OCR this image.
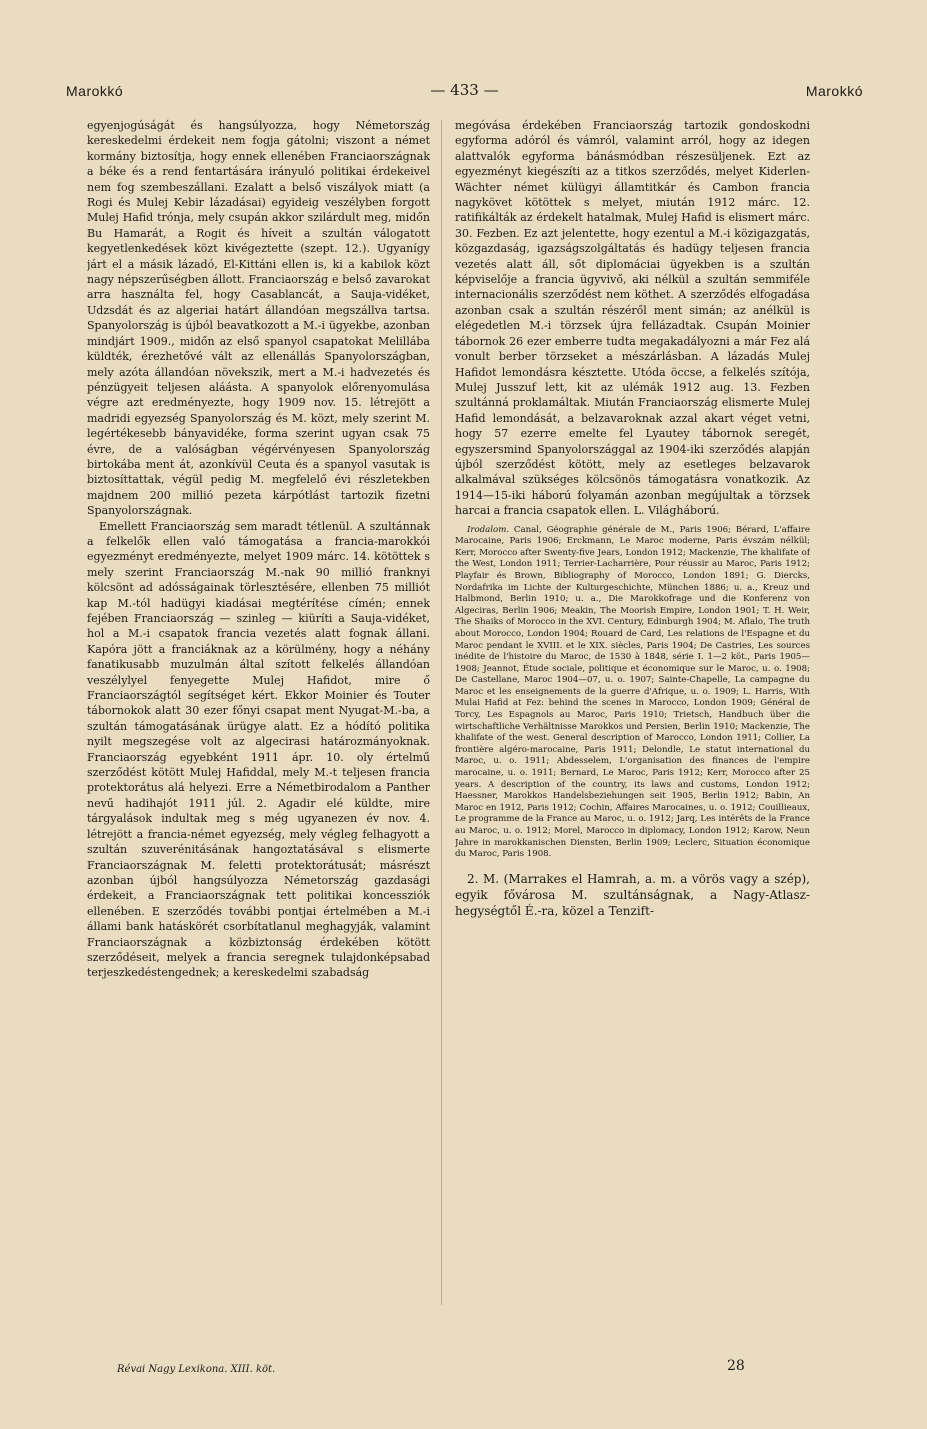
Marokkó	— 433 —	Marokkó

egyenjogúságát és hangsúlyozza, hogy Németország kereskedelmi érdekeit nem fogja gátolni; viszont a német kormány biztosítja, hogy ennek ellenében Franciaországnak a béke és a rend fentartására irányuló politikai érdekeivel nem fog szembeszállani. Ezalatt a belső viszályok miatt (a Rogi és Mulej Kebir lázadásai) egyideig veszélyben forgott Mulej Hafid trónja, mely csupán akkor szilárdult meg, midőn Bu Hamarát, a Rogit és híveit a szultán válogatott kegyetlenkedések közt kivégeztette (szept. 12.). Ugyanígy járt el a másik lázadó, El-Kittáni ellen is, ki a kabilok közt nagy népszerűségben állott. Franciaország e belső zavarokat arra használta fel, hogy Casablancát, a Sauja-vidéket, Udzsdát és az algeriai határt állandóan megszállva tartsa. Spanyolország is újból beavatkozott a M.-i ügyekbe, azonban mindjárt 1909., midőn az első spanyol csapatokat Melillába küldték, érezhetővé vált az ellenállás Spanyolországban, mely azóta állandóan növekszik, mert a M.-i hadvezetés és pénzügyeit teljesen aláásta. A spanyolok előrenyomulása végre azt eredményezte, hogy 1909 nov. 15. létrejött a madridi egyezség Spanyolország és M. közt, mely szerint M. legértékesebb bányavidéke, forma szerint ugyan csak 75 évre, de a valóságban végérvényesen Spanyolország birtokába ment át, azonkívül Ceuta és a spanyol vasutak is biztosíttattak, végül pedig M. megfelelő évi részletekben majdnem 200 millió pezeta kárpótlást tartozik fizetni Spanyolországnak.

Emellett Franciaország sem maradt tétlenül. A szultánnak a felkelők ellen való támogatása a francia-marokkói egyezményt eredményezte, melyet 1909 márc. 14. kötöttek s mely szerint Franciaország M.-nak 90 millió franknyi kölcsönt ad adósságainak törlesztésére, ellenben 75 milliót kap M.-tól hadügyi kiadásai megtérítése címén; ennek fejében Franciaország — szinleg — kiüríti a Sauja-vidéket, hol a M.-i csapatok francia vezetés alatt fognak állani. Kapóra jött a franciáknak az a körülmény, hogy a néhány fanatikusabb muzulmán által szított felkelés állandóan veszélylyel fenyegette Mulej Hafidot, mire ő Franciaországtól segítséget kért. Ekkor Moinier és Touter tábornokok alatt 30 ezer főnyi csapat ment Nyugat-M.-ba, a szultán támogatásának ürügye alatt. Ez a hódító politika nyilt megszegése volt az algecirasi határozmányoknak. Franciaország egyebként 1911 ápr. 10. oly értelmű szerződést kötött Mulej Hafiddal, mely M.-t teljesen francia protektorátus alá helyezi. Erre a Németbirodalom a Panther nevű hadihajót 1911 júl. 2. Agadir elé küldte, mire tárgyalások indultak meg s még ugyanezen év nov. 4. létrejött a francia-német egyezség, mely végleg felhagyott a szultán szuverénitásának hangoztatásával s elismerte Franciaországnak M. feletti protektorátusát; másrészt azonban újból hangsúlyozza Németország gazdasági érdekeit, a Franciaországnak tett politikai koncessziók ellenében. E szerződés további pontjai értelmében a M.-i állami bank hatáskörét csorbítatlanul meghagyják, valamint Franciaországnak a közbiztonság érdekében kötött szerződéseit, melyek a francia seregnek tulajdonképsabad terjeszkedéstengednek; a kereskedelmi szabadság

megóvása érdekében Franciaország tartozik gondoskodni egyforma adóról és vámról, valamint arról, hogy az idegen alattvalók egyforma bánásmódban részesüljenek. Ezt az egyezményt kiegészíti az a titkos szerződés, melyet Kiderlen-Wächter német külügyi államtitkár és Cambon francia nagykövet kötöttek s melyet, miután 1912 márc. 12. ratifikálták az érdekelt hatalmak, Mulej Hafid is elismert márc. 30. Fezben. Ez azt jelentette, hogy ezentul a M.-i közigazgatás, közgazdaság, igazságszolgáltatás és hadügy teljesen francia vezetés alatt áll, sőt diplomáciai ügyekben is a szultán képviselője a francia ügyvivő, aki nélkül a szultán semmiféle internacionális szerződést nem köthet. A szerződés elfogadása azonban csak a szultán részéről ment simán; az anélkül is elégedetlen M.-i törzsek újra fellázadtak. Csupán Moinier tábornok 26 ezer emberre tudta megakadályozni a már Fez alá vonult berber törzseket a mészárlásban. A lázadás Mulej Hafidot lemondásra késztette. Utóda öccse, a felkelés szítója, Mulej Jusszuf lett, kit az ulémák 1912 aug. 13. Fezben szultánná proklamáltak. Miután Franciaország elismerte Mulej Hafid lemondását, a belzavaroknak azzal akart véget vetni, hogy 57 ezerre emelte fel Lyautey tábornok seregét, egyszersmind Spanyolországgal az 1904-iki szerződés alapján újból szerződést kötött, mely az esetleges belzavarok alkalmával szükséges kölcsönös támogatásra vonatkozik. Az 1914—15-iki háború folyamán azonban megújultak a törzsek harcai a francia csapatok ellen. L. Világháború.

Irodalom. Canal, Géographie générale de M., Paris 1906; Bérard, L'affaire Marocaine, Paris 1906; Erckmann, Le Maroc moderne, Paris évszám nélkül; Kerr, Morocco after Swenty-five Jears, London 1912; Mackenzie, The khalifate of the West, London 1911; Terrier-Lacharrière, Pour réussir au Maroc, Paris 1912; Playfair és Brown, Bibliography of Morocco, London 1891; G. Diercks, Nordafrika im Lichte der Kulturgeschichte, München 1886; u. a., Kreuz und Halbmond, Berlin 1910; u. a., Die Marokkofrage und die Konferenz von Algeciras, Berlin 1906; Meakin, The Moorish Empire, London 1901; T. H. Weir, The Shaiks of Morocco in the XVI. Century, Edinburgh 1904; M. Aflalo, The truth about Morocco, London 1904; Rouard de Card, Les relations de l'Espagne et du Maroc pendant le XVIII. et le XIX. siècles, Paris 1904; De Castries, Les sources inédite de l'histoire du Maroc, de 1530 à 1848, série I. 1—2 köt., Paris 1905—1908; Jeannot, Étude sociale, politique et économique sur le Maroc, u. o. 1908; De Castellane, Maroc 1904—07, u. o. 1907; Sainte-Chapelle, La campagne du Maroc et les enseignements de la guerre d'Afrique, u. o. 1909; L. Harris, With Mulai Hafid at Fez: behind the scenes in Marocco, London 1909; Général de Torcy, Les Espagnols au Maroc, Paris 1910; Trietsch, Handbuch über die wirtschaftliche Verhältnisse Marokkos und Persien, Berlin 1910; Mackenzie, The khalifate of the west. General description of Marocco, London 1911; Collier, La frontière algéro-marocaine, Paris 1911; Delondle, Le statut international du Maroc, u. o. 1911; Abdesselem, L'organisation des finances de l'empire marocaine, u. o. 1911; Bernard, Le Maroc, Paris 1912; Kerr, Morocco after 25 years. A description of the country, its laws and customs, London 1912; Haessner, Marokkos Handelsbeziehungen seit 1905, Berlin 1912; Babin, An Maroc en 1912, Paris 1912; Cochin, Affaires Marocaines, u. o. 1912; Couillieaux, Le programme de la France au Maroc, u. o. 1912; Jarq, Les intérêts de la France au Maroc, u. o. 1912; Morel, Marocco in diplomacy, London 1912; Karow, Neun Jahre in marokkanischen Diensten, Berlin 1909; Leclerc, Situation économique du Maroc, Paris 1908.

2. M. (Marrakes el Hamrah, a. m. a vörös vagy a szép), egyik fővárosa M. szultánságnak, a Nagy-Atlasz-hegységtől É.-ra, közel a Tenzift-

Révai Nagy Lexikona. XIII. köt.	28
